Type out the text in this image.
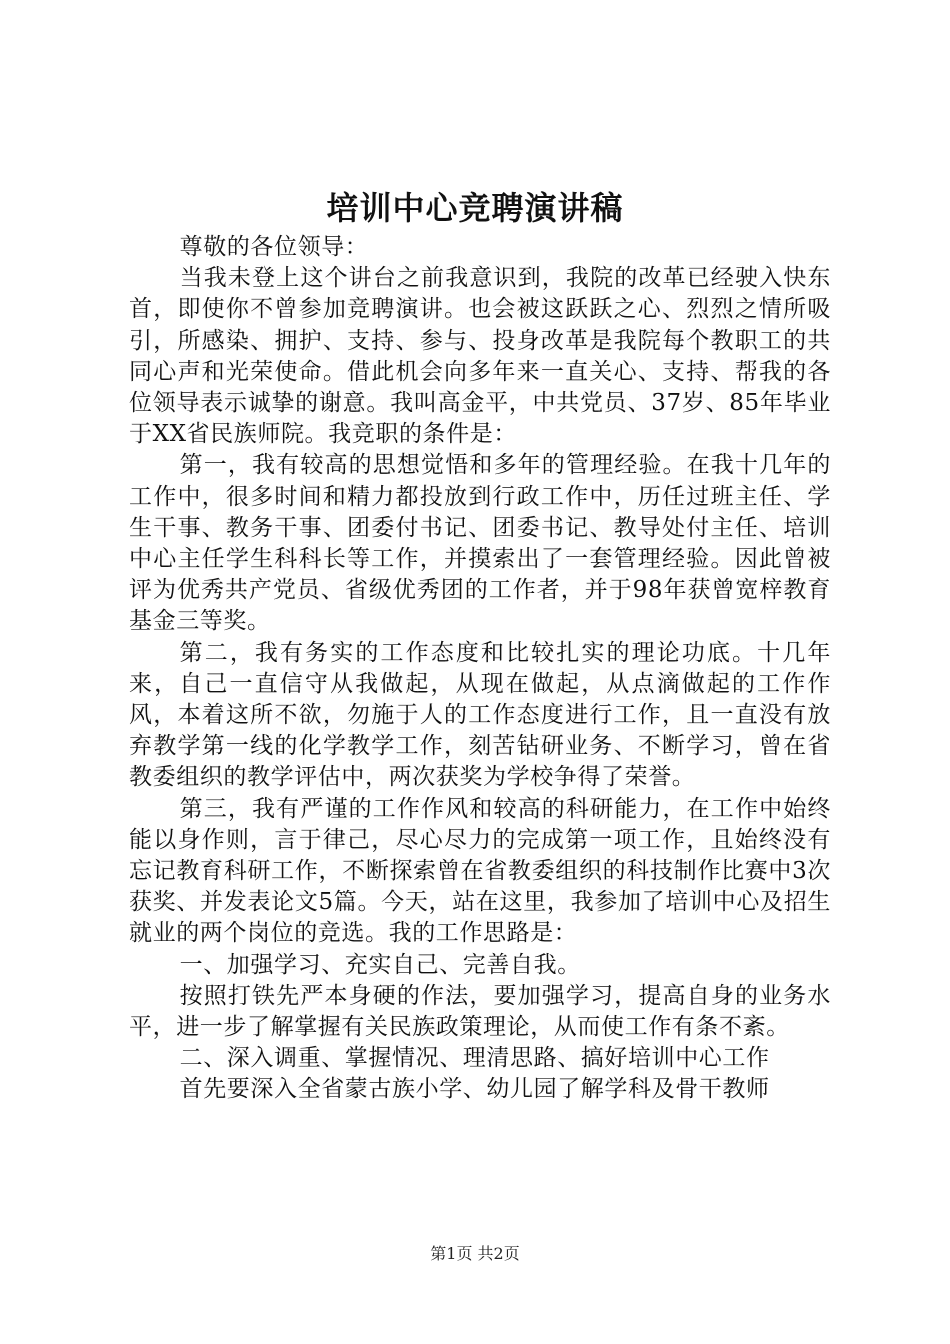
培训中心竞聘演讲稿

尊敬的各位领导：

当我未登上这个讲台之前我意识到，我院的改革已经驶入快东首，即使你不曾参加竞聘演讲。也会被这跃跃之心、烈烈之情所吸引，所感染、拥护、支持、参与、投身改革是我院每个教职工的共同心声和光荣使命。借此机会向多年来一直关心、支持、帮我的各位领导表示诚挚的谢意。我叫高金平，中共党员、37岁、85年毕业于XX省民族师院。我竞职的条件是：

第一，我有较高的思想觉悟和多年的管理经验。在我十几年的工作中，很多时间和精力都投放到行政工作中，历任过班主任、学生干事、教务干事、团委付书记、团委书记、教导处付主任、培训中心主任学生科科长等工作，并摸索出了一套管理经验。因此曾被评为优秀共产党员、省级优秀团的工作者，并于98年获曾宽梓教育基金三等奖。

第二，我有务实的工作态度和比较扎实的理论功底。十几年来，自己一直信守从我做起，从现在做起，从点滴做起的工作作风，本着这所不欲，勿施于人的工作态度进行工作，且一直没有放弃教学第一线的化学教学工作，刻苦钻研业务、不断学习，曾在省教委组织的教学评估中，两次获奖为学校争得了荣誉。

第三，我有严谨的工作作风和较高的科研能力，在工作中始终能以身作则，言于律己，尽心尽力的完成第一项工作，且始终没有忘记教育科研工作，不断探索曾在省教委组织的科技制作比赛中3次获奖、并发表论文5篇。今天，站在这里，我参加了培训中心及招生就业的两个岗位的竞选。我的工作思路是：

一、加强学习、充实自己、完善自我。

按照打铁先严本身硬的作法，要加强学习，提高自身的业务水平，进一步了解掌握有关民族政策理论，从而使工作有条不紊。

二、深入调重、掌握情况、理清思路、搞好培训中心工作

首先要深入全省蒙古族小学、幼儿园了解学科及骨干教师

第1页 共2页
